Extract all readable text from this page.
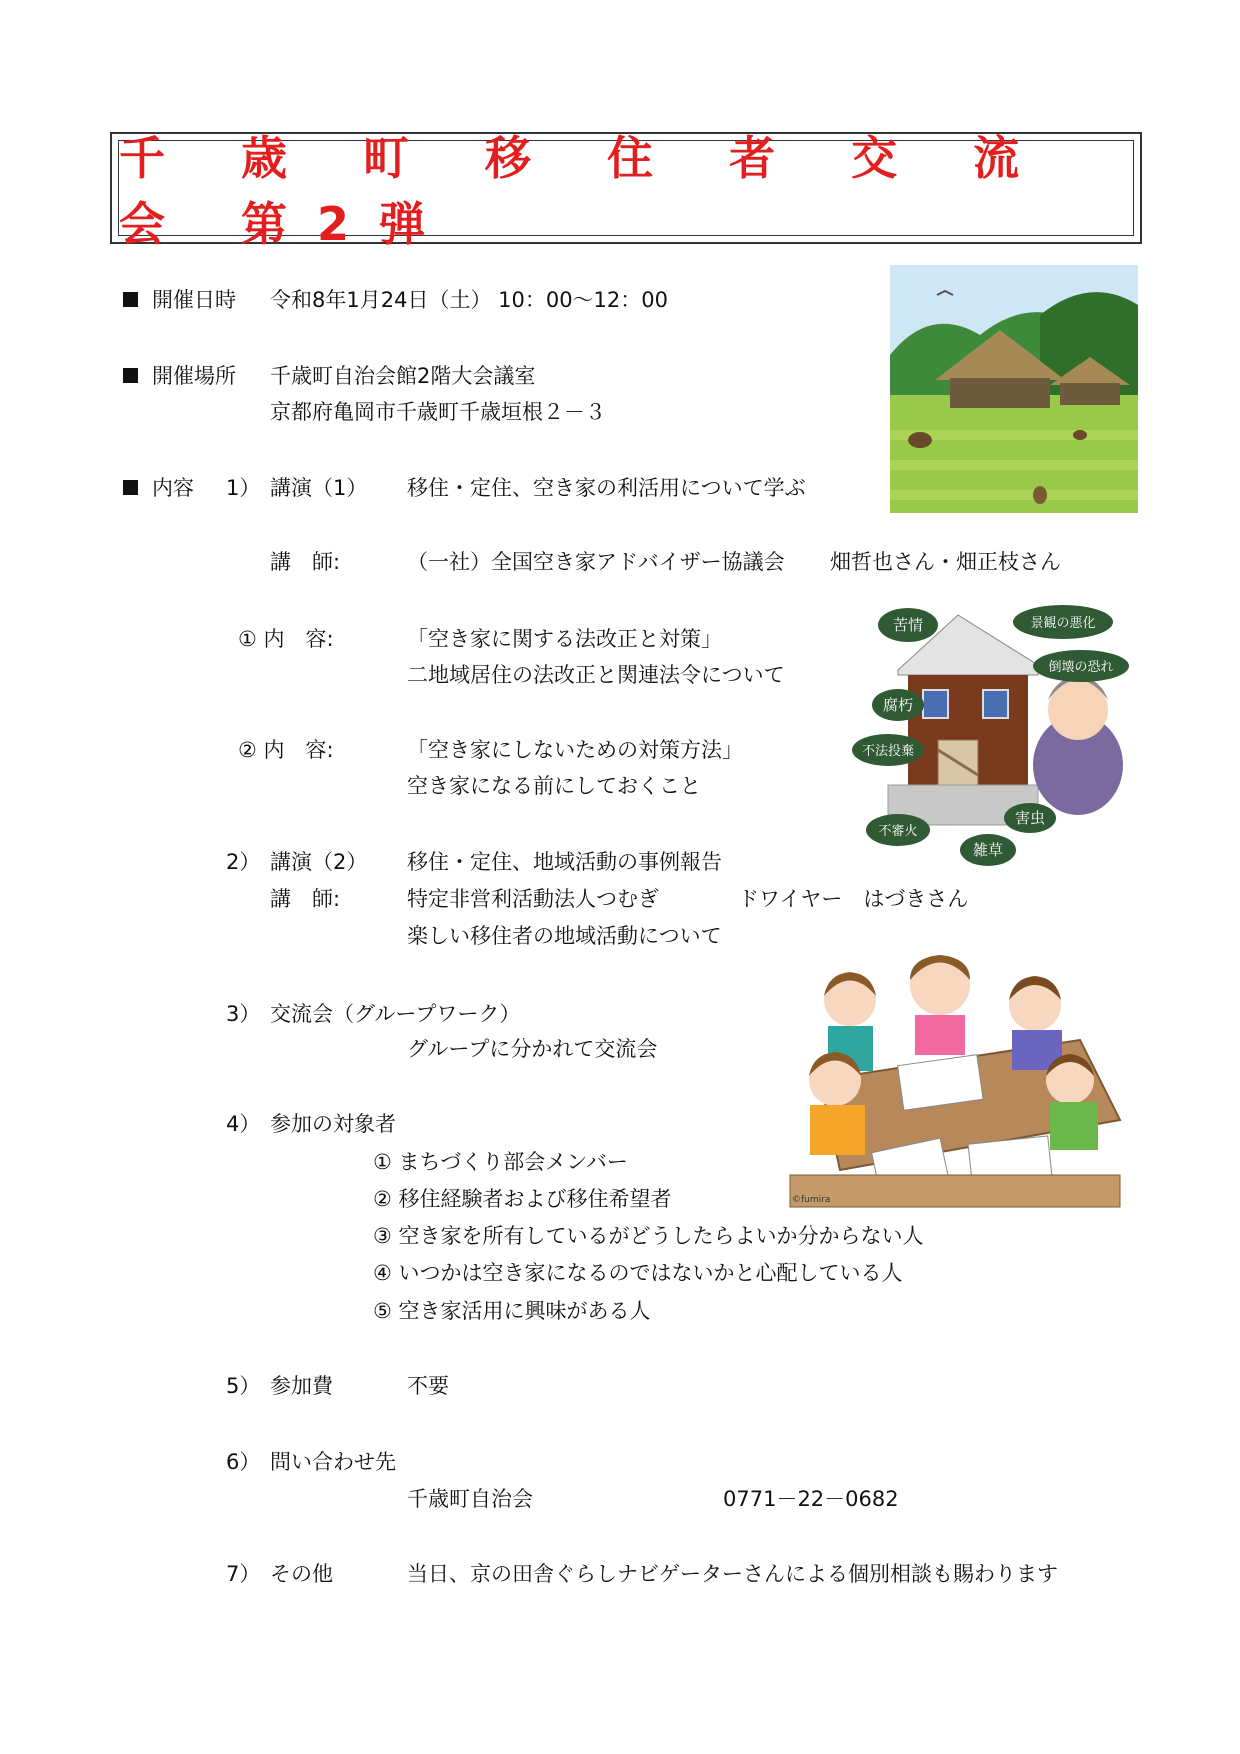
千 歳 町 移 住 者 交 流 会 第2弾
開催日時 令和8年1月24日（土） 10：00～12：00
開催場所 千歳町自治会館2階大会議室
京都府亀岡市千歳町千歳垣根２－３
内容 1） 講演（1） 移住・定住、空き家の利活用について学ぶ
講　師:	（一社）全国空き家アドバイザー協議会 畑哲也さん・畑正枝さん
① 内　容:	「空き家に関する法改正と対策」
二地域居住の法改正と関連法令について
② 内　容:	「空き家にしないための対策方法」
空き家になる前にしておくこと
2） 講演（2） 移住・定住、地域活動の事例報告
講　師:	特定非営利活動法人つむぎ	ドワイヤー　はづきさん
楽しい移住者の地域活動について
3） 交流会（グループワーク）
グループに分かれて交流会
4） 参加の対象者
① まちづくり部会メンバー
② 移住経験者および移住希望者
③ 空き家を所有しているがどうしたらよいか分からない人
④ いつかは空き家になるのではないかと心配している人
⑤ 空き家活用に興味がある人
5） 参加費	不要
6） 問い合わせ先
千歳町自治会	0771－22－0682
7） その他	当日、京の田舎ぐらしナビゲーターさんによる個別相談も賜わります
苦情	景観の悪化
倒壊の恐れ
腐朽
不法投棄
不審火
雑草
害虫
©fumira
